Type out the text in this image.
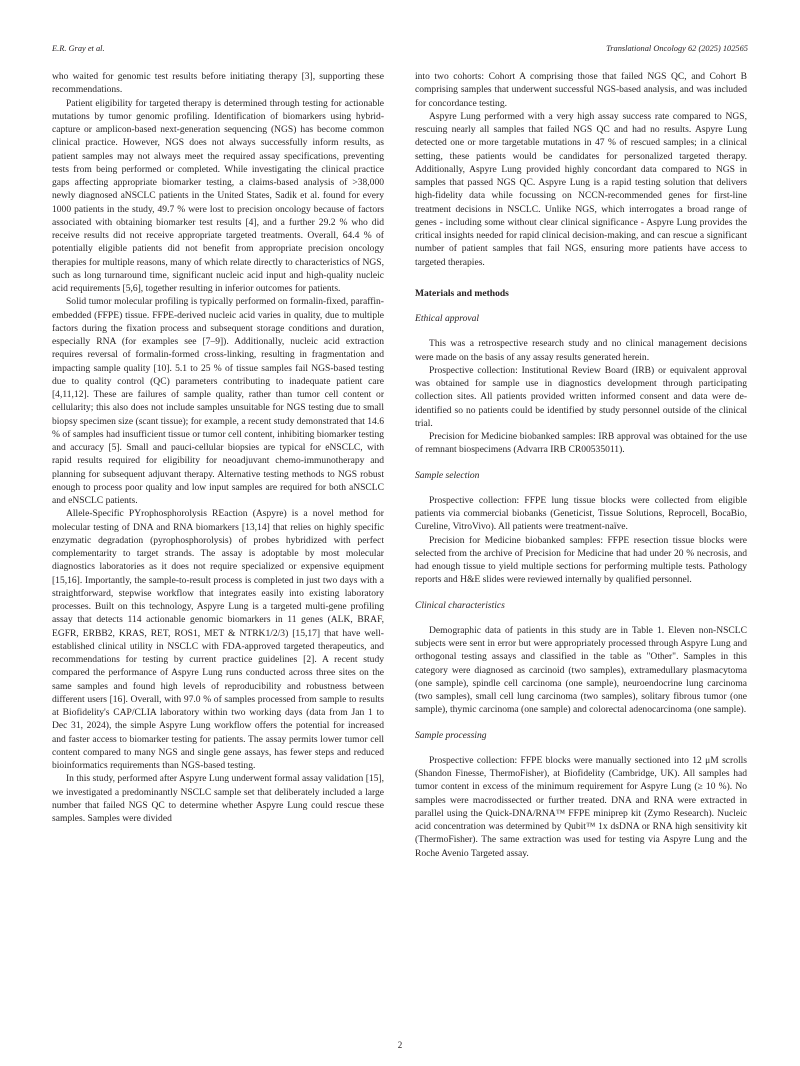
E.R. Gray et al.	Translational Oncology 62 (2025) 102565

who waited for genomic test results before initiating therapy [3], supporting these recommendations.

Patient eligibility for targeted therapy is determined through testing for actionable mutations by tumor genomic profiling. Identification of biomarkers using hybrid-capture or amplicon-based next-generation sequencing (NGS) has become common clinical practice. However, NGS does not always successfully inform results, as patient samples may not always meet the required assay specifications, preventing tests from being performed or completed. While investigating the clinical practice gaps affecting appropriate biomarker testing, a claims-based analysis of >38,000 newly diagnosed aNSCLC patients in the United States, Sadik et al. found for every 1000 patients in the study, 49.7 % were lost to precision oncology because of factors associated with obtaining biomarker test results [4], and a further 29.2 % who did receive results did not receive appropriate targeted treatments. Overall, 64.4 % of potentially eligible patients did not benefit from appropriate precision oncology therapies for multiple reasons, many of which relate directly to characteristics of NGS, such as long turnaround time, significant nucleic acid input and high-quality nucleic acid requirements [5,6], together resulting in inferior outcomes for patients.

Solid tumor molecular profiling is typically performed on formalin-fixed, paraffin-embedded (FFPE) tissue. FFPE-derived nucleic acid varies in quality, due to multiple factors during the fixation process and subsequent storage conditions and duration, especially RNA (for examples see [7–9]). Additionally, nucleic acid extraction requires reversal of formalin-formed cross-linking, resulting in fragmentation and impacting sample quality [10]. 5.1 to 25 % of tissue samples fail NGS-based testing due to quality control (QC) parameters contributing to inadequate patient care [4,11,12]. These are failures of sample quality, rather than tumor cell content or cellularity; this also does not include samples unsuitable for NGS testing due to small biopsy specimen size (scant tissue); for example, a recent study demonstrated that 14.6 % of samples had insufficient tissue or tumor cell content, inhibiting biomarker testing and accuracy [5]. Small and pauci-cellular biopsies are typical for eNSCLC, with rapid results required for eligibility for neoadjuvant chemo-immunotherapy and planning for subsequent adjuvant therapy. Alternative testing methods to NGS robust enough to process poor quality and low input samples are required for both aNSCLC and eNSCLC patients.

Allele-Specific PYrophosphorolysis REaction (Aspyre) is a novel method for molecular testing of DNA and RNA biomarkers [13,14] that relies on highly specific enzymatic degradation (pyrophosphorolysis) of probes hybridized with perfect complementarity to target strands. The assay is adoptable by most molecular diagnostics laboratories as it does not require specialized or expensive equipment [15,16]. Importantly, the sample-to-result process is completed in just two days with a straightforward, stepwise workflow that integrates easily into existing laboratory processes. Built on this technology, Aspyre Lung is a targeted multi-gene profiling assay that detects 114 actionable genomic biomarkers in 11 genes (ALK, BRAF, EGFR, ERBB2, KRAS, RET, ROS1, MET & NTRK1/2/3) [15,17] that have well-established clinical utility in NSCLC with FDA-approved targeted therapeutics, and recommendations for testing by current practice guidelines [2]. A recent study compared the performance of Aspyre Lung runs conducted across three sites on the same samples and found high levels of reproducibility and robustness between different users [16]. Overall, with 97.0 % of samples processed from sample to results at Biofidelity's CAP/CLIA laboratory within two working days (data from Jan 1 to Dec 31, 2024), the simple Aspyre Lung workflow offers the potential for increased and faster access to biomarker testing for patients. The assay permits lower tumor cell content compared to many NGS and single gene assays, has fewer steps and reduced bioinformatics requirements than NGS-based testing.

In this study, performed after Aspyre Lung underwent formal assay validation [15], we investigated a predominantly NSCLC sample set that deliberately included a large number that failed NGS QC to determine whether Aspyre Lung could rescue these samples. Samples were divided

into two cohorts: Cohort A comprising those that failed NGS QC, and Cohort B comprising samples that underwent successful NGS-based analysis, and was included for concordance testing.

Aspyre Lung performed with a very high assay success rate compared to NGS, rescuing nearly all samples that failed NGS QC and had no results. Aspyre Lung detected one or more targetable mutations in 47 % of rescued samples; in a clinical setting, these patients would be candidates for personalized targeted therapy. Additionally, Aspyre Lung provided highly concordant data compared to NGS in samples that passed NGS QC. Aspyre Lung is a rapid testing solution that delivers high-fidelity data while focussing on NCCN-recommended genes for first-line treatment decisions in NSCLC. Unlike NGS, which interrogates a broad range of genes - including some without clear clinical significance - Aspyre Lung provides the critical insights needed for rapid clinical decision-making, and can rescue a significant number of patient samples that fail NGS, ensuring more patients have access to targeted therapies.

Materials and methods
Ethical approval

This was a retrospective research study and no clinical management decisions were made on the basis of any assay results generated herein.

Prospective collection: Institutional Review Board (IRB) or equivalent approval was obtained for sample use in diagnostics development through participating collection sites. All patients provided written informed consent and data were de-identified so no patients could be identified by study personnel outside of the clinical trial.

Precision for Medicine biobanked samples: IRB approval was obtained for the use of remnant biospecimens (Advarra IRB CR00535011).

Sample selection

Prospective collection: FFPE lung tissue blocks were collected from eligible patients via commercial biobanks (Geneticist, Tissue Solutions, Reprocell, BocaBio, Cureline, VitroVivo). All patients were treatment-naïve.

Precision for Medicine biobanked samples: FFPE resection tissue blocks were selected from the archive of Precision for Medicine that had under 20 % necrosis, and had enough tissue to yield multiple sections for performing multiple tests. Pathology reports and H&E slides were reviewed internally by qualified personnel.

Clinical characteristics

Demographic data of patients in this study are in Table 1. Eleven non-NSCLC subjects were sent in error but were appropriately processed through Aspyre Lung and orthogonal testing assays and classified in the table as "Other". Samples in this category were diagnosed as carcinoid (two samples), extramedullary plasmacytoma (one sample), spindle cell carcinoma (one sample), neuroendocrine lung carcinoma (two samples), small cell lung carcinoma (two samples), solitary fibrous tumor (one sample), thymic carcinoma (one sample) and colorectal adenocarcinoma (one sample).

Sample processing

Prospective collection: FFPE blocks were manually sectioned into 12 μM scrolls (Shandon Finesse, ThermoFisher), at Biofidelity (Cambridge, UK). All samples had tumor content in excess of the minimum requirement for Aspyre Lung (≥ 10 %). No samples were macrodissected or further treated. DNA and RNA were extracted in parallel using the Quick-DNA/RNA™ FFPE miniprep kit (Zymo Research). Nucleic acid concentration was determined by Qubit™ 1x dsDNA or RNA high sensitivity kit (ThermoFisher). The same extraction was used for testing via Aspyre Lung and the Roche Avenio Targeted assay.

2
